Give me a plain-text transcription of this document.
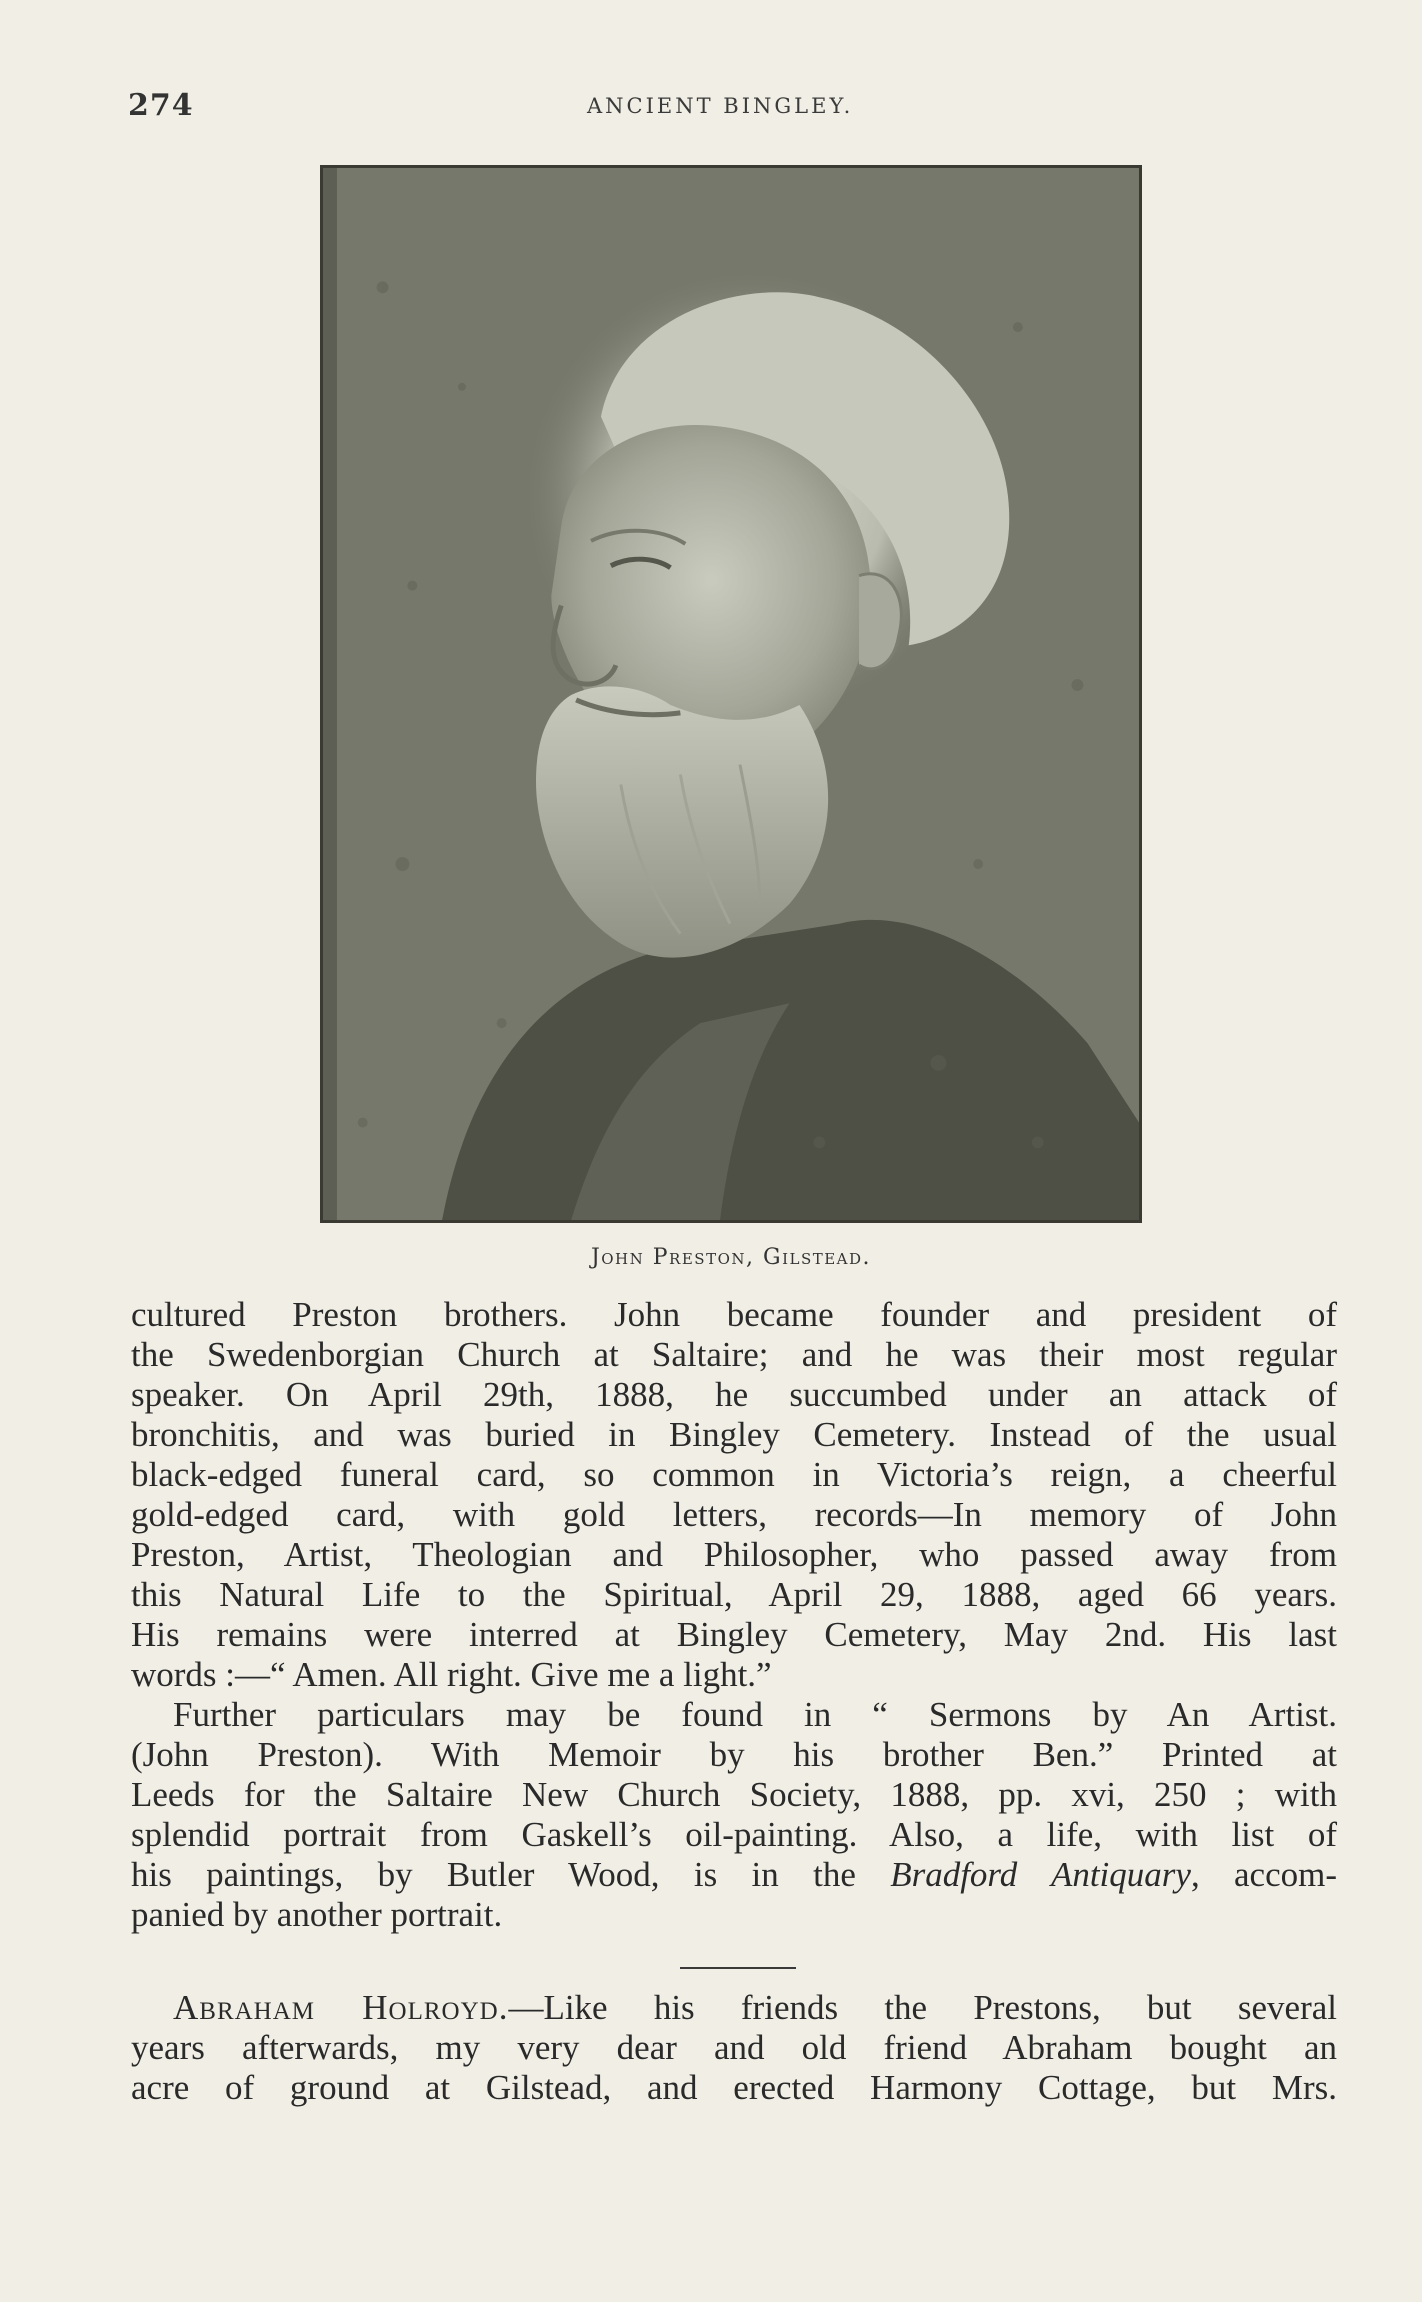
274	ANCIENT BINGLEY.
John Preston, Gilstead.
cultured Preston brothers. John became founder and president of
the Swedenborgian Church at Saltaire; and he was their most regular
speaker. On April 29th, 1888, he succumbed under an attack of
bronchitis, and was buried in Bingley Cemetery. Instead of the usual
black-edged funeral card, so common in Victoria’s reign, a cheerful
gold-edged card, with gold letters, records—In memory of John
Preston, Artist, Theologian and Philosopher, who passed away from
this Natural Life to the Spiritual, April 29, 1888, aged 66 years.
His remains were interred at Bingley Cemetery, May 2nd. His last
words :—“ Amen. All right. Give me a light.”
Further particulars may be found in “ Sermons by An Artist.
(John Preston). With Memoir by his brother Ben.” Printed at
Leeds for the Saltaire New Church Society, 1888, pp. xvi, 250 ; with
splendid portrait from Gaskell’s oil-painting. Also, a life, with list of
his paintings, by Butler Wood, is in the Bradford Antiquary, accom-
panied by another portrait.
Abraham Holroyd.—Like his friends the Prestons, but several
years afterwards, my very dear and old friend Abraham bought an
acre of ground at Gilstead, and erected Harmony Cottage, but Mrs.
